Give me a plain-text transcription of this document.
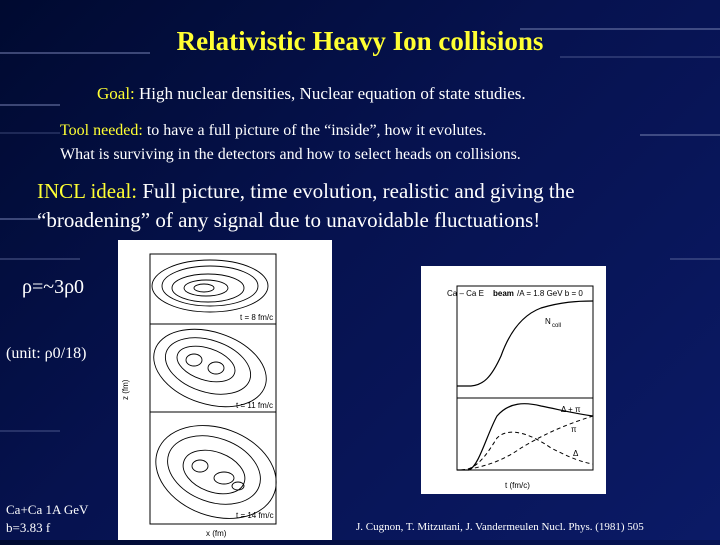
Relativistic Heavy Ion collisions
Goal: High nuclear densities, Nuclear equation of state studies.
Tool needed: to have a full picture of the “inside”, how it evolutes.
What is surviving in the detectors and how to select heads on collisions.
INCL ideal: Full picture, time evolution, realistic and giving the
“broadening” of any signal due to unavoidable fluctuations!
ρ=~3ρ0
(unit: ρ0/18)
Ca+Ca 1A GeV
b=3.83 f
t = 8 fm/c
t = 11 fm/c
t = 14 fm/c
x (fm)
z (fm)
Ca – Ca E beam /A = 1.8 GeV b = 0
N coll
Δ + π
π
Δ
t (fm/c)
J. Cugnon, T. Mitzutani, J. Vandermeulen Nucl. Phys. (1981) 505
